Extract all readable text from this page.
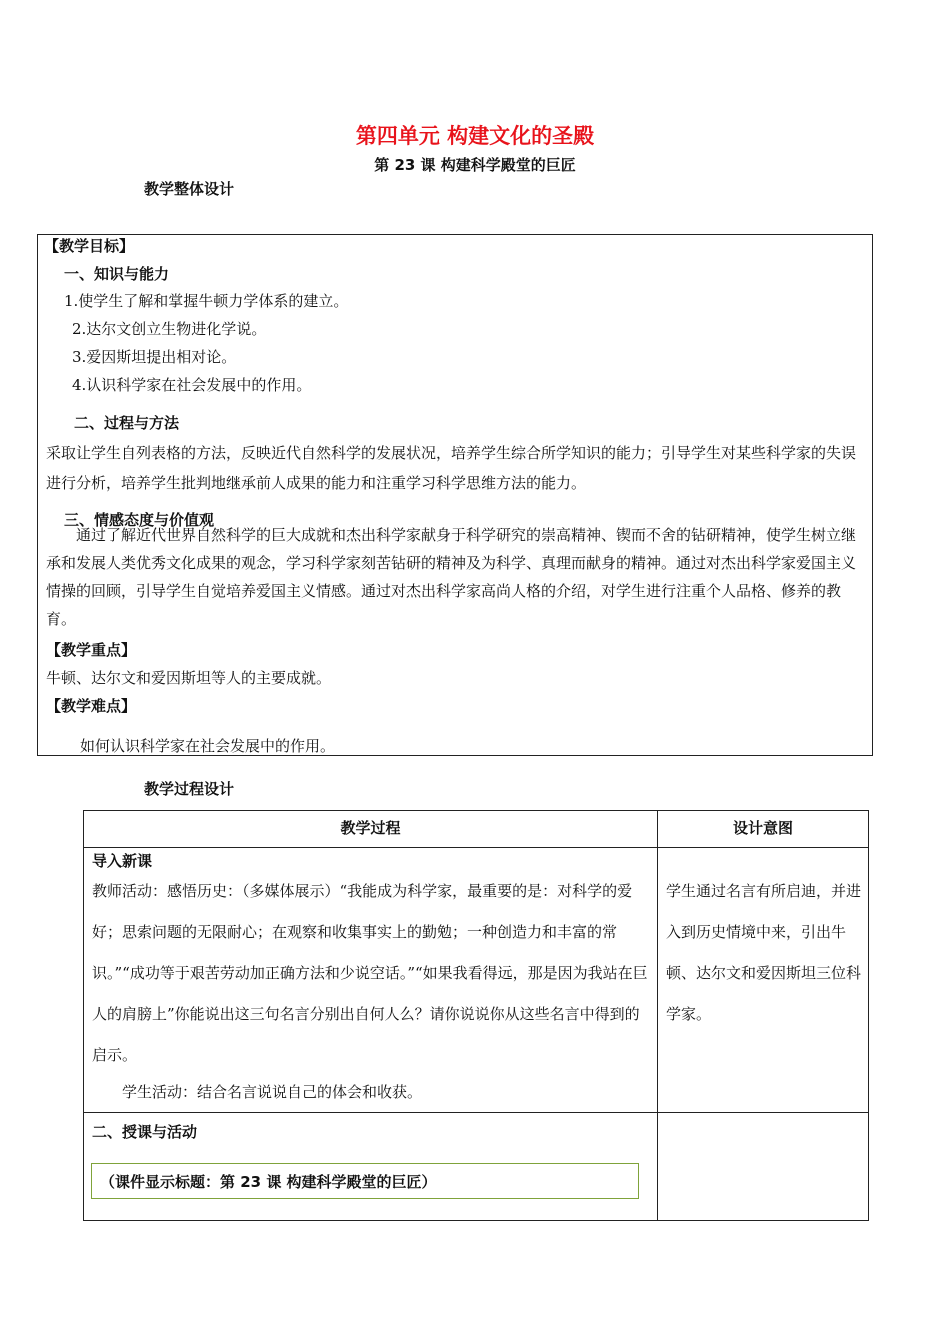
第四单元 构建文化的圣殿
第 23 课 构建科学殿堂的巨匠
教学整体设计
【教学目标】
一、知识与能力
1.使学生了解和掌握牛顿力学体系的建立。
2.达尔文创立生物进化学说。
3.爱因斯坦提出相对论。
4.认识科学家在社会发展中的作用。
二、过程与方法
采取让学生自列表格的方法，反映近代自然科学的发展状况，培养学生综合所学知识的能力；引导学生对某些科学家的失误进行分析，培养学生批判地继承前人成果的能力和注重学习科学思维方法的能力。
三、情感态度与价值观
通过了解近代世界自然科学的巨大成就和杰出科学家献身于科学研究的崇高精神、锲而不舍的钻研精神，使学生树立继承和发展人类优秀文化成果的观念，学习科学家刻苦钻研的精神及为科学、真理而献身的精神。通过对杰出科学家爱国主义情操的回顾，引导学生自觉培养爱国主义情感。通过对杰出科学家高尚人格的介绍，对学生进行注重个人品格、修养的教育。
【教学重点】
牛顿、达尔文和爱因斯坦等人的主要成就。
【教学难点】
如何认识科学家在社会发展中的作用。
教学过程设计
教学过程	设计意图
导入新课
教师活动：感悟历史：（多媒体展示）“我能成为科学家，最重要的是：对科学的爱好；思索问题的无限耐心；在观察和收集事实上的勤勉；一种创造力和丰富的常识。”“成功等于艰苦劳动加正确方法和少说空话。”“如果我看得远，那是因为我站在巨人的肩膀上”你能说出这三句名言分别出自何人么？请你说说你从这些名言中得到的启示。
学生活动：结合名言说说自己的体会和收获。
学生通过名言有所启迪，并进入到历史情境中来，引出牛顿、达尔文和爱因斯坦三位科学家。
二、授课与活动
（课件显示标题：第 23 课 构建科学殿堂的巨匠）
